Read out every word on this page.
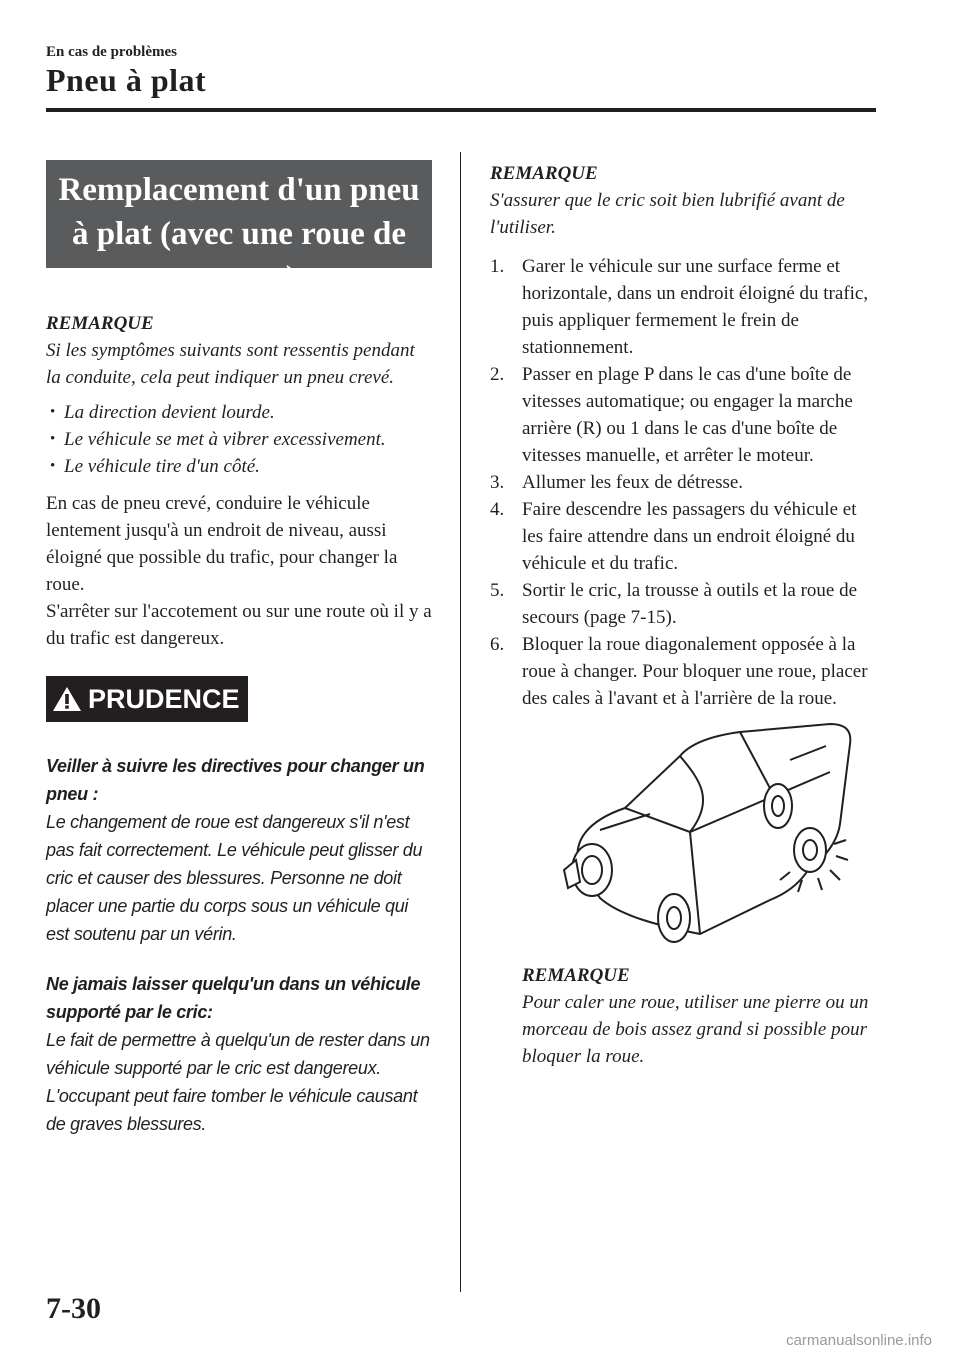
En cas de problèmes
Pneu à plat
Remplacement d'un pneu
à plat (avec une roue de
secours)

REMARQUE

Si les symptômes suivants sont ressentis pendant la conduite, cela peut indiquer un pneu crevé.

• La direction devient lourde.
• Le véhicule se met à vibrer excessivement.
• Le véhicule tire d'un côté.

En cas de pneu crevé, conduire le véhicule lentement jusqu'à un endroit de niveau, aussi éloigné que possible du trafic, pour changer la roue.

S'arrêter sur l'accotement ou sur une route où il y a du trafic est dangereux.

PRUDENCE

Veiller à suivre les directives pour changer un pneu :

Le changement de roue est dangereux s'il n'est pas fait correctement. Le véhicule peut glisser du cric et causer des blessures. Personne ne doit placer une partie du corps sous un véhicule qui est soutenu par un vérin.

Ne jamais laisser quelqu'un dans un véhicule supporté par le cric:

Le fait de permettre à quelqu'un de rester dans un véhicule supporté par le cric est dangereux. L'occupant peut faire tomber le véhicule causant de graves blessures.

REMARQUE

S'assurer que le cric soit bien lubrifié avant de l'utiliser.

1. Garer le véhicule sur une surface ferme et horizontale, dans un endroit éloigné du trafic, puis appliquer fermement le frein de stationnement.
2. Passer en plage P dans le cas d'une boîte de vitesses automatique; ou engager la marche arrière (R) ou 1 dans le cas d'une boîte de vitesses manuelle, et arrêter le moteur.
3. Allumer les feux de détresse.
4. Faire descendre les passagers du véhicule et les faire attendre dans un endroit éloigné du véhicule et du trafic.
5. Sortir le cric, la trousse à outils et la roue de secours (page 7-15).
6. Bloquer la roue diagonalement opposée à la roue à changer. Pour bloquer une roue, placer des cales à l'avant et à l'arrière de la roue.

REMARQUE

Pour caler une roue, utiliser une pierre ou un morceau de bois assez grand si possible pour bloquer la roue.

7-30
carmanualsonline.info
